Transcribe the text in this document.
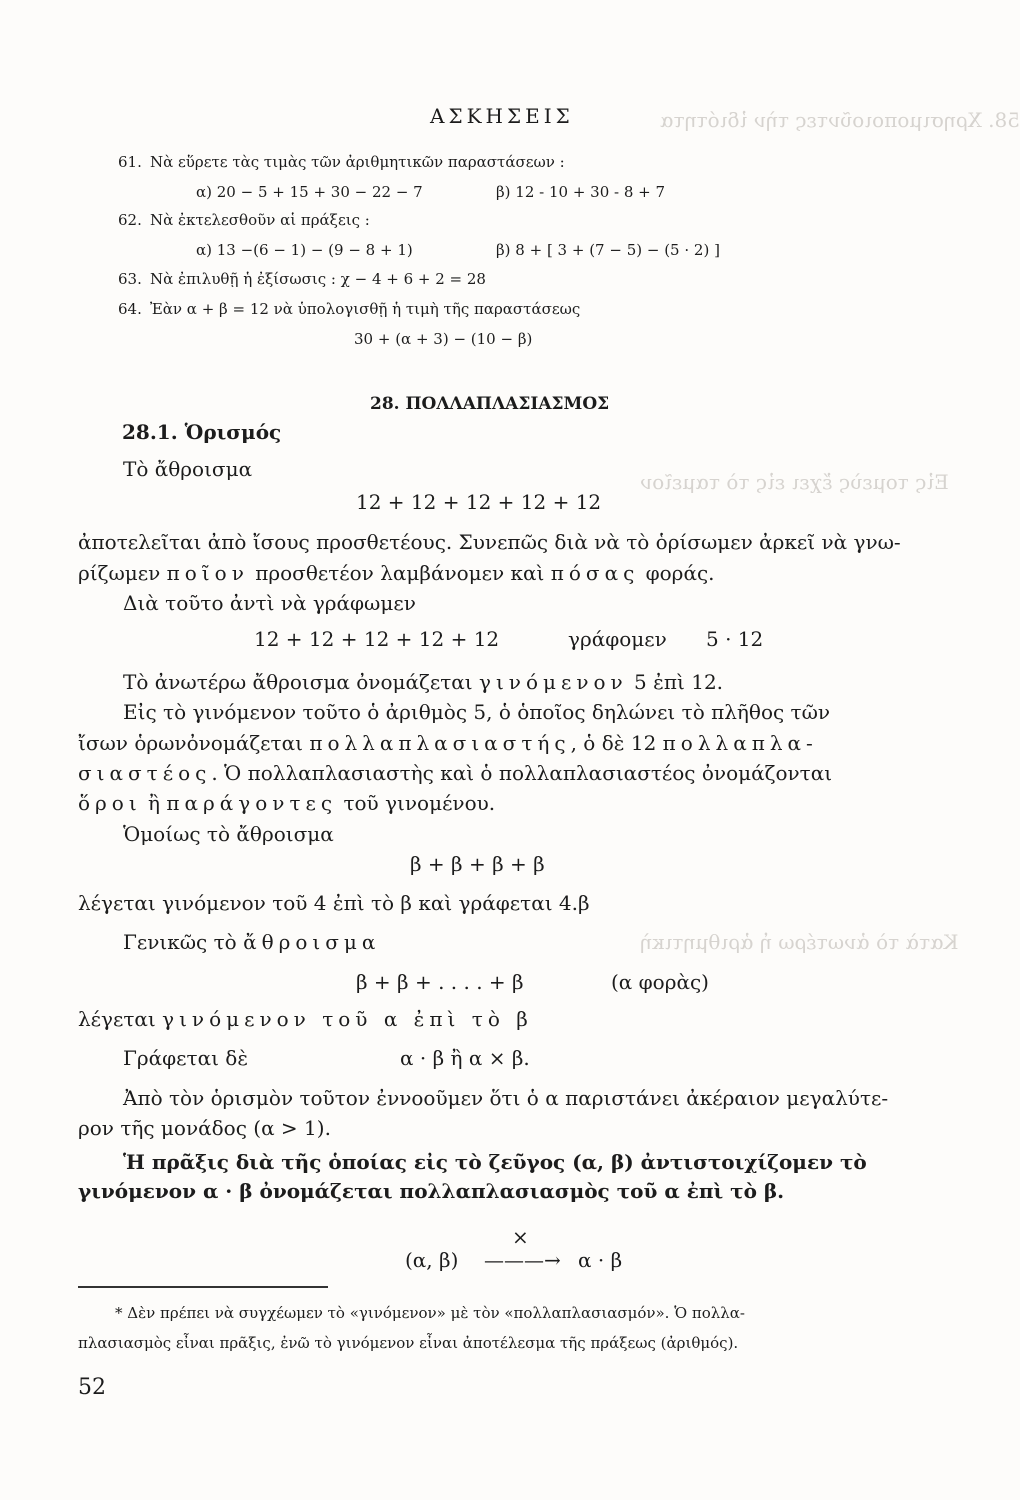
58. Χρησιμοποιοῦντες τὴν ἰδιότητα
Εἰς τομεὺς ἔχει εἰς τὸ ταμεῖον
Κατὰ τὸ ἀνωτέρω ἡ ἀριθμητικὴ
ΑΣΚΗΣΕΙΣ
61. Νὰ εὕρετε τὰς τιμὰς τῶν ἀριθμητικῶν παραστάσεων :
α) 20 − 5 + 15 + 30 − 22 − 7	β) 12 - 10 + 30 - 8 + 7
62. Νὰ ἐκτελεσθοῦν αἱ πράξεις :
α) 13 −(6 − 1) − (9 − 8 + 1)	β) 8 + [ 3 + (7 − 5) − (5 · 2) ]
63. Νὰ ἐπιλυθῇ ἡ ἐξίσωσις : χ − 4 + 6 + 2 = 28
64. Ἐὰν α + β = 12 νὰ ὑπολογισθῇ ἡ τιμὴ τῆς παραστάσεως
30 + (α + 3) − (10 − β)
28. ΠΟΛΛΑΠΛΑΣΙΑΣΜΟΣ
28.1. Ὁρισμός
Τὸ ἄθροισμα
12 + 12 + 12 + 12 + 12
ἀποτελεῖται ἀπὸ ἴσους προσθετέους. Συνεπῶς διὰ νὰ τὸ ὁρίσωμεν ἀρκεῖ νὰ γνω-
ρίζωμεν ποῖον προσθετέον λαμβάνομεν καὶ πόσας φοράς.
Διὰ τοῦτο ἀντὶ νὰ γράφωμεν
12 + 12 + 12 + 12 + 12	γράφομεν 5 · 12
Τὸ ἀνωτέρω ἄθροισμα ὀνομάζεται γινόμενον 5 ἐπὶ 12.
Εἰς τὸ γινόμενον τοῦτο ὁ ἀριθμὸς 5, ὁ ὁποῖος δηλώνει τὸ πλῆθος τῶν
ἴσων ὁρωνὀνομάζεται πολλαπλασιαστής, ὁ δὲ 12 πολλαπλα-
σιαστέος. Ὁ πολλαπλασιαστὴς καὶ ὁ πολλαπλασιαστέος ὀνομάζονται
ὅροι ἢ παράγοντες τοῦ γινομένου.
Ὁμοίως τὸ ἄθροισμα
β + β + β + β
λέγεται γινόμενον τοῦ 4 ἐπὶ τὸ β καὶ γράφεται 4.β
Γενικῶς τὸ ἄθροισμα
β + β + . . . . + β	(α φορὰς)
λέγεται γινόμενον τοῦ α ἐπὶ τὸ β
Γράφεται δὲ	α · β ἢ α × β.
Ἀπὸ τὸν ὁρισμὸν τοῦτον ἐννοοῦμεν ὅτι ὁ α παριστάνει ἀκέραιον μεγαλύτε-
ρον τῆς μονάδος (α > 1).
Ἡ πρᾶξις διὰ τῆς ὁποίας εἰς τὸ ζεῦγος (α, β) ἀντιστοιχίζομεν τὸ
γινόμενον α · β ὀνομάζεται πολλαπλασιασμὸς τοῦ α ἐπὶ τὸ β.
×
(α, β) ———→ α · β
* Δὲν πρέπει νὰ συγχέωμεν τὸ «γινόμενον» μὲ τὸν «πολλαπλασιασμόν». Ὁ πολλα-
πλασιασμὸς εἶναι πρᾶξις, ἐνῶ τὸ γινόμενον εἶναι ἀποτέλεσμα τῆς πράξεως (ἀριθμός).
52
